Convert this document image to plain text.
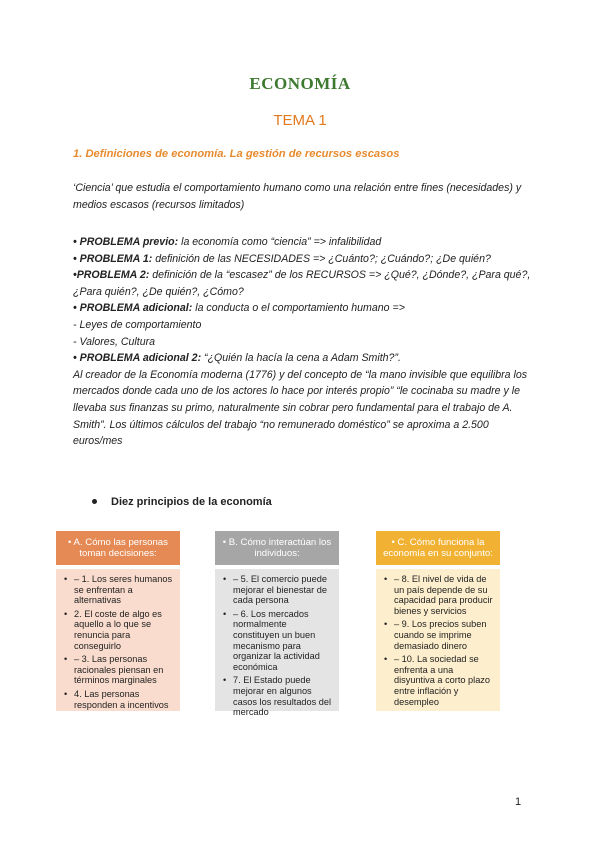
ECONOMÍA
TEMA 1
1. Definiciones de economía. La gestión de recursos escasos
‘Ciencia’ que estudia el comportamiento humano como una relación entre fines (necesidades) y medios escasos (recursos limitados)

• PROBLEMA previo: la economía como “ciencia” => infalibilidad

• PROBLEMA 1: definición de las NECESIDADES => ¿Cuánto?; ¿Cuándo?; ¿De quién?

•PROBLEMA 2: definición de la “escasez” de los RECURSOS => ¿Qué?, ¿Dónde?, ¿Para qué?, ¿Para quién?, ¿De quién?, ¿Cómo?

• PROBLEMA adicional: la conducta o el comportamiento humano =>

- Leyes de comportamiento

- Valores, Cultura

• PROBLEMA adicional 2: “¿Quién la hacía la cena a Adam Smith?”.

Al creador de la Economía moderna (1776) y del concepto de “la mano invisible que equilibra los mercados donde cada uno de los actores lo hace por interés propio” “le cocinaba su madre y le llevaba sus finanzas su primo, naturalmente sin cobrar pero fundamental para el trabajo de A. Smith”. Los últimos cálculos del trabajo “no remunerado doméstico” se aproxima a 2.500 euros/mes

Diez principios de la economía
• A. Cómo las personas toman decisiones:
• – 1. Los seres humanos se enfrentan a alternativas
• 2. El coste de algo es aquello a lo que se renuncia para conseguirlo
• – 3. Las personas racionales piensan en términos marginales
• 4. Las personas responden a incentivos
• B. Cómo interactúan los individuos:
• – 5. El comercio puede mejorar el bienestar de cada persona
• – 6. Los mercados normalmente constituyen un buen mecanismo para organizar la actividad económica
• 7. El Estado puede mejorar en algunos casos los resultados del mercado
• C. Cómo funciona la economía en su conjunto:
• – 8. El nivel de vida de un país depende de su capacidad para producir bienes y servicios
• – 9. Los precios suben cuando se imprime demasiado dinero
• – 10. La sociedad se enfrenta a una disyuntiva a corto plazo entre inflación y desempleo
1
